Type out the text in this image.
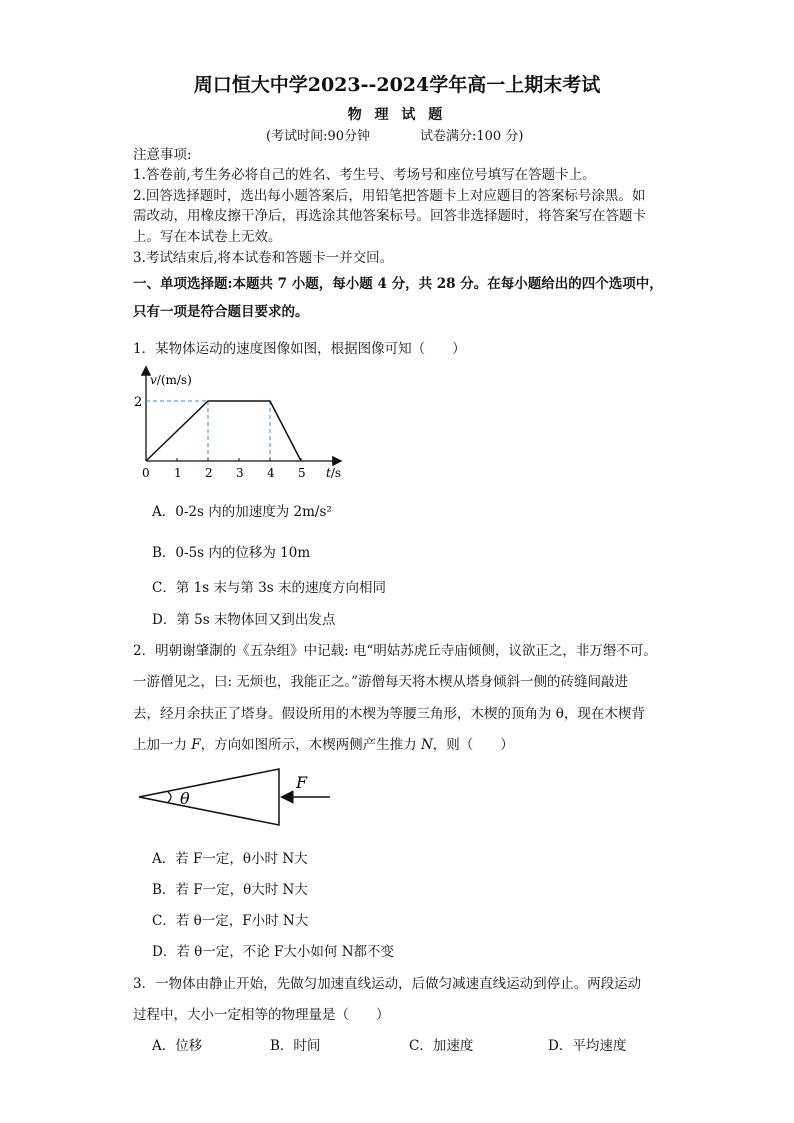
周口恒大中学2023--2024学年高一上期末考试
物 理 试 题
(考试时间:90分钟	试卷满分:100 分)
注意事项:
1.答卷前,考生务必将自己的姓名、考生号、考场号和座位号填写在答题卡上。
2.回答选择题时，选出每小题答案后，用铅笔把答题卡上对应题目的答案标号涂黑。如
需改动，用橡皮擦干净后，再选涂其他答案标号。回答非选择题时，将答案写在答题卡
上。写在本试卷上无效。
3.考试结束后,将本试卷和答题卡一并交回。
一、单项选择题:本题共 7 小题，每小题 4 分，共 28 分。在每小题给出的四个选项中，
只有一项是符合题目要求的。
1．某物体运动的速度图像如图，根据图像可知（　　）
v/(m/s)
t/s
0 1 2 3 4 5
2
A．0-2s 内的加速度为 2m/s²
B．0-5s 内的位移为 10m
C．第 1s 末与第 3s 末的速度方向相同
D．第 5s 末物体回又到出发点
2．明朝谢肇淛的《五杂组》中记载: 电“明姑苏虎丘寺庙倾侧，议欲正之，非万缗不可。
一游僧见之，曰: 无烦也，我能正之。”游僧每天将木楔从塔身倾斜一侧的砖缝间敲进
去，经月余扶正了塔身。假设所用的木楔为等腰三角形，木楔的顶角为 θ，现在木楔背
上加一力 F，方向如图所示，木楔两侧产生推力 N，则（　　）
θ
F
A．若 F一定，θ小时 N大
B．若 F一定，θ大时 N大
C．若 θ一定，F小时 N大
D．若 θ一定，不论 F大小如何 N都不变
3．一物体由静止开始，先做匀加速直线运动，后做匀减速直线运动到停止。两段运动
过程中，大小一定相等的物理量是（　　）
A．位移	B．时间	C．加速度	D．平均速度
